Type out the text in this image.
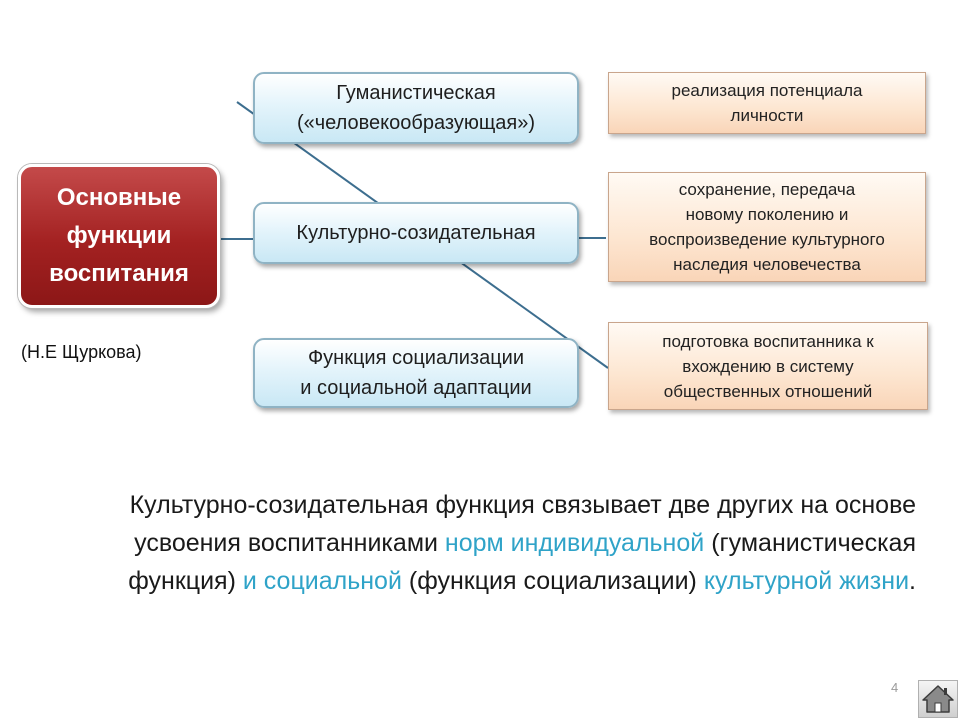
Основные
функции
воспитания
(Н.Е Щуркова)
Гуманистическая
(«человекообразующая»)
Культурно-созидательная
Функция социализации
и социальной адаптации
реализация потенциала
личности
сохранение, передача
новому поколению и
воспроизведение культурного
наследия человечества
подготовка воспитанника к
вхождению в систему
общественных отношений
Культурно-созидательная функция связывает две других на основе усвоения воспитанниками норм индивидуальной (гуманистическая функция) и социальной (функция социализации) культурной жизни.
4
